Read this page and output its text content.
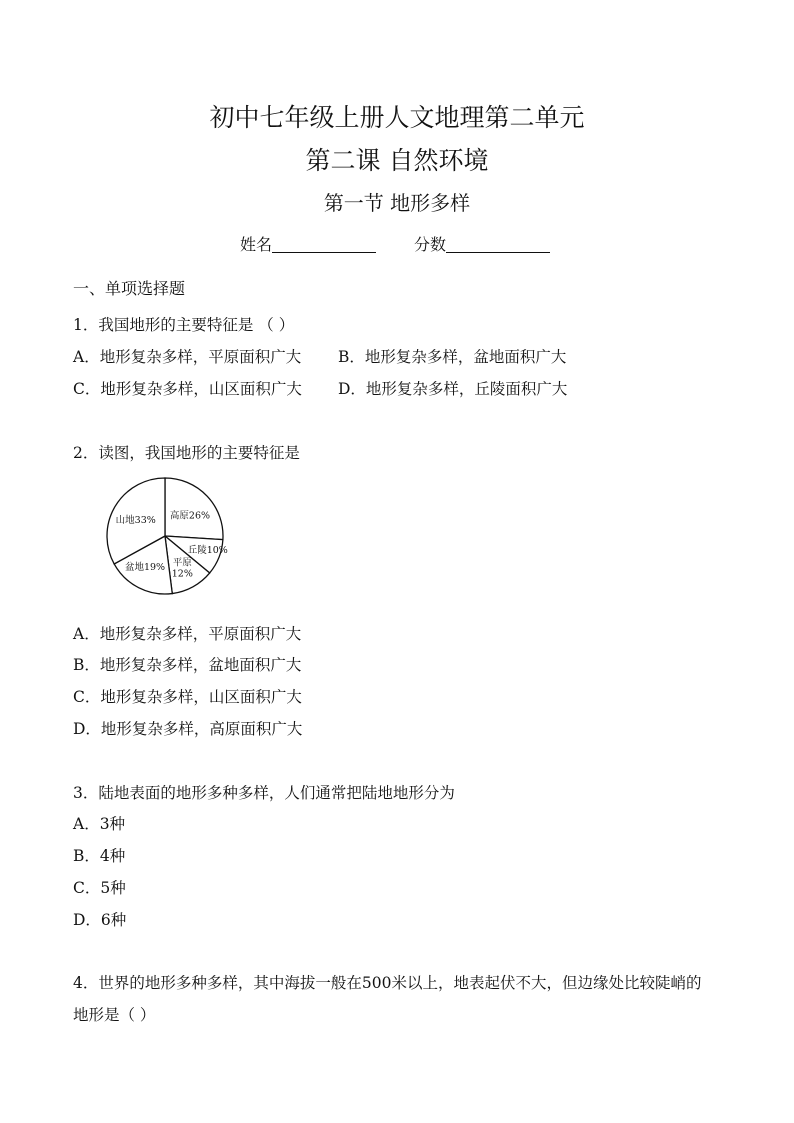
初中七年级上册人文地理第二单元
第二课 自然环境
第一节 地形多样
姓名	分数
一、单项选择题
1．我国地形的主要特征是 （ ）
A．地形复杂多样，平原面积广大 B．地形复杂多样，盆地面积广大
C．地形复杂多样，山区面积广大 D．地形复杂多样，丘陵面积广大
2．读图，我国地形的主要特征是
高原26%
丘陵10%
平原
12%
盆地19%
山地33%
A．地形复杂多样，平原面积广大
B．地形复杂多样，盆地面积广大
C．地形复杂多样，山区面积广大
D．地形复杂多样，高原面积广大
3．陆地表面的地形多种多样，人们通常把陆地地形分为
A．3种
B．4种
C．5种
D．6种
4．世界的地形多种多样，其中海拔一般在500米以上，地表起伏不大，但边缘处比较陡峭的
地形是（ ）
